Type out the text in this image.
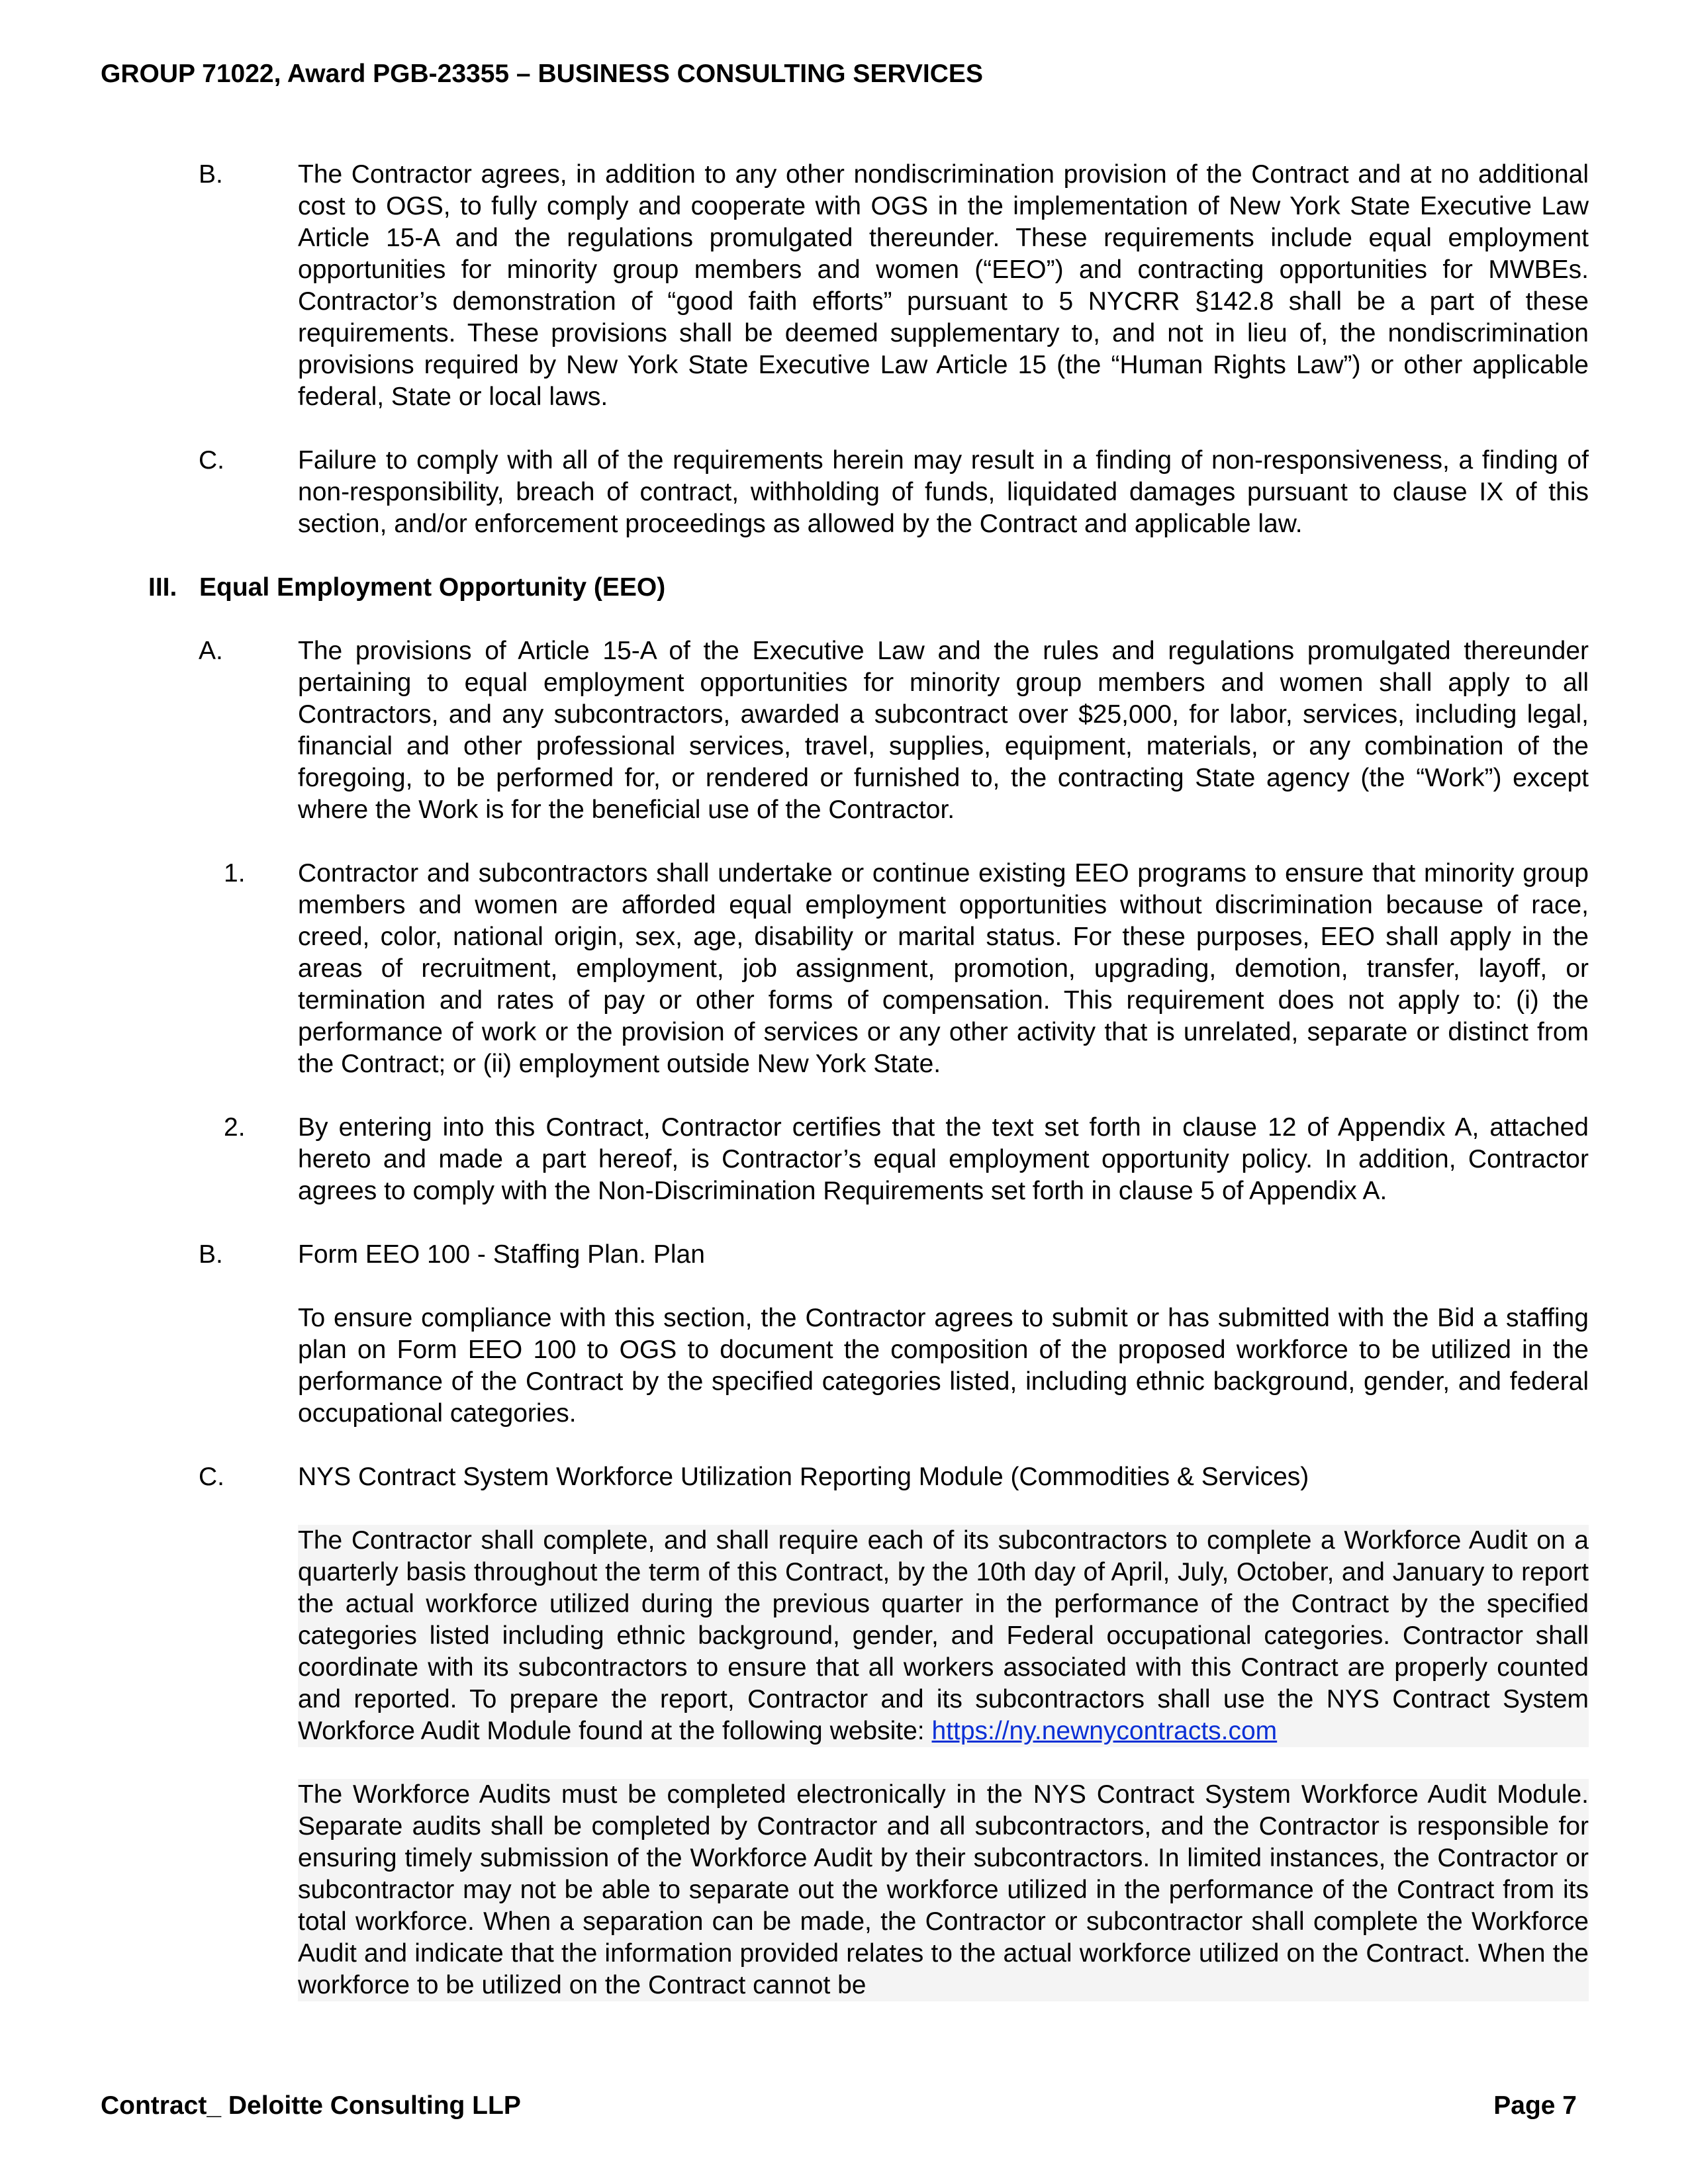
GROUP 71022, Award PGB-23355 – BUSINESS CONSULTING SERVICES
B.	The Contractor agrees, in addition to any other nondiscrimination provision of the Contract and at no additional cost to OGS, to fully comply and cooperate with OGS in the implementation of New York State Executive Law Article 15-A and the regulations promulgated thereunder. These requirements include equal employment opportunities for minority group members and women (“EEO”) and contracting opportunities for MWBEs. Contractor’s demonstration of “good faith efforts” pursuant to 5 NYCRR §142.8 shall be a part of these requirements. These provisions shall be deemed supplementary to, and not in lieu of, the nondiscrimination provisions required by New York State Executive Law Article 15 (the “Human Rights Law”) or other applicable federal, State or local laws.
C.	Failure to comply with all of the requirements herein may result in a finding of non-responsiveness, a finding of non-responsibility, breach of contract, withholding of funds, liquidated damages pursuant to clause IX of this section, and/or enforcement proceedings as allowed by the Contract and applicable law.
III. Equal Employment Opportunity (EEO)
A.	The provisions of Article 15-A of the Executive Law and the rules and regulations promulgated thereunder pertaining to equal employment opportunities for minority group members and women shall apply to all Contractors, and any subcontractors, awarded a subcontract over $25,000, for labor, services, including legal, financial and other professional services, travel, supplies, equipment, materials, or any combination of the foregoing, to be performed for, or rendered or furnished to, the contracting State agency (the “Work”) except where the Work is for the beneficial use of the Contractor.
1. Contractor and subcontractors shall undertake or continue existing EEO programs to ensure that minority group members and women are afforded equal employment opportunities without discrimination because of race, creed, color, national origin, sex, age, disability or marital status. For these purposes, EEO shall apply in the areas of recruitment, employment, job assignment, promotion, upgrading, demotion, transfer, layoff, or termination and rates of pay or other forms of compensation. This requirement does not apply to: (i) the performance of work or the provision of services or any other activity that is unrelated, separate or distinct from the Contract; or (ii) employment outside New York State.
2. By entering into this Contract, Contractor certifies that the text set forth in clause 12 of Appendix A, attached hereto and made a part hereof, is Contractor’s equal employment opportunity policy. In addition, Contractor agrees to comply with the Non-Discrimination Requirements set forth in clause 5 of Appendix A.
B.	Form EEO 100 - Staffing Plan. Plan
To ensure compliance with this section, the Contractor agrees to submit or has submitted with the Bid a staffing plan on Form EEO 100 to OGS to document the composition of the proposed workforce to be utilized in the performance of the Contract by the specified categories listed, including ethnic background, gender, and federal occupational categories.
C.	NYS Contract System Workforce Utilization Reporting Module (Commodities & Services)
The Contractor shall complete, and shall require each of its subcontractors to complete a Workforce Audit on a quarterly basis throughout the term of this Contract, by the 10th day of April, July, October, and January to report the actual workforce utilized during the previous quarter in the performance of the Contract by the specified categories listed including ethnic background, gender, and Federal occupational categories. Contractor shall coordinate with its subcontractors to ensure that all workers associated with this Contract are properly counted and reported. To prepare the report, Contractor and its subcontractors shall use the NYS Contract System Workforce Audit Module found at the following website: https://ny.newnycontracts.com
The Workforce Audits must be completed electronically in the NYS Contract System Workforce Audit Module. Separate audits shall be completed by Contractor and all subcontractors, and the Contractor is responsible for ensuring timely submission of the Workforce Audit by their subcontractors. In limited instances, the Contractor or subcontractor may not be able to separate out the workforce utilized in the performance of the Contract from its total workforce. When a separation can be made, the Contractor or subcontractor shall complete the Workforce Audit and indicate that the information provided relates to the actual workforce utilized on the Contract. When the workforce to be utilized on the Contract cannot be
Contract_ Deloitte Consulting LLP	Page 7
